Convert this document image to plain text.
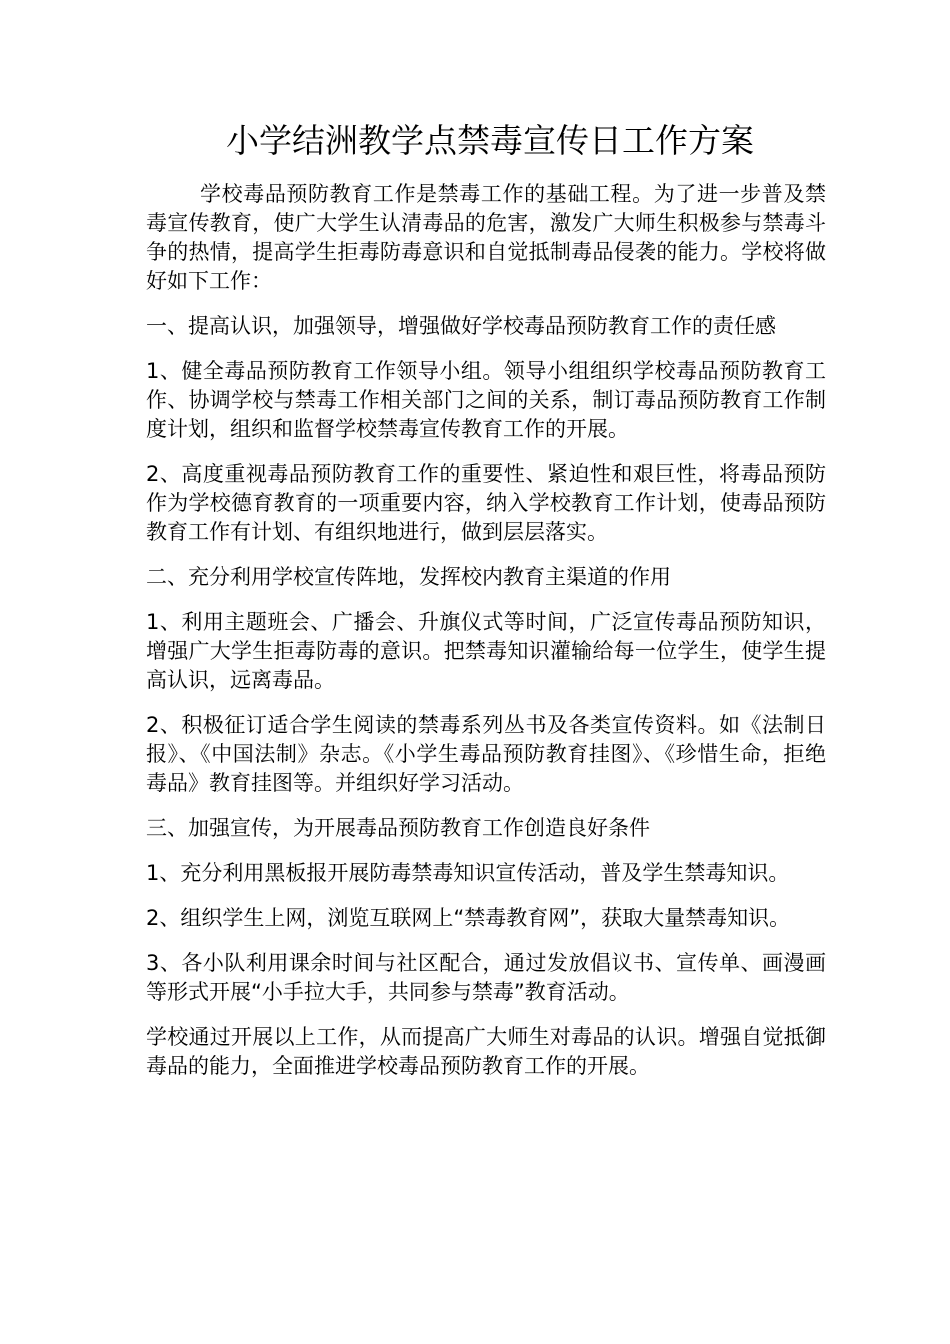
小学结洲教学点禁毒宣传日工作方案

学校毒品预防教育工作是禁毒工作的基础工程。为了进一步普及禁毒宣传教育，使广大学生认清毒品的危害，激发广大师生积极参与禁毒斗争的热情，提高学生拒毒防毒意识和自觉抵制毒品侵袭的能力。学校将做好如下工作：

一、提高认识，加强领导，增强做好学校毒品预防教育工作的责任感

1、健全毒品预防教育工作领导小组。领导小组组织学校毒品预防教育工作、协调学校与禁毒工作相关部门之间的关系，制订毒品预防教育工作制度计划，组织和监督学校禁毒宣传教育工作的开展。

2、高度重视毒品预防教育工作的重要性、紧迫性和艰巨性，将毒品预防作为学校德育教育的一项重要内容，纳入学校教育工作计划，使毒品预防教育工作有计划、有组织地进行，做到层层落实。

二、充分利用学校宣传阵地，发挥校内教育主渠道的作用

1、利用主题班会、广播会、升旗仪式等时间，广泛宣传毒品预防知识，增强广大学生拒毒防毒的意识。把禁毒知识灌输给每一位学生，使学生提高认识，远离毒品。

2、积极征订适合学生阅读的禁毒系列丛书及各类宣传资料。如《法制日报》、《中国法制》杂志。《小学生毒品预防教育挂图》、《珍惜生命，拒绝毒品》教育挂图等。并组织好学习活动。

三、加强宣传，为开展毒品预防教育工作创造良好条件

1、充分利用黑板报开展防毒禁毒知识宣传活动，普及学生禁毒知识。

2、组织学生上网，浏览互联网上“禁毒教育网”，获取大量禁毒知识。

3、各小队利用课余时间与社区配合，通过发放倡议书、宣传单、画漫画等形式开展“小手拉大手，共同参与禁毒”教育活动。

学校通过开展以上工作，从而提高广大师生对毒品的认识。增强自觉抵御毒品的能力，全面推进学校毒品预防教育工作的开展。
